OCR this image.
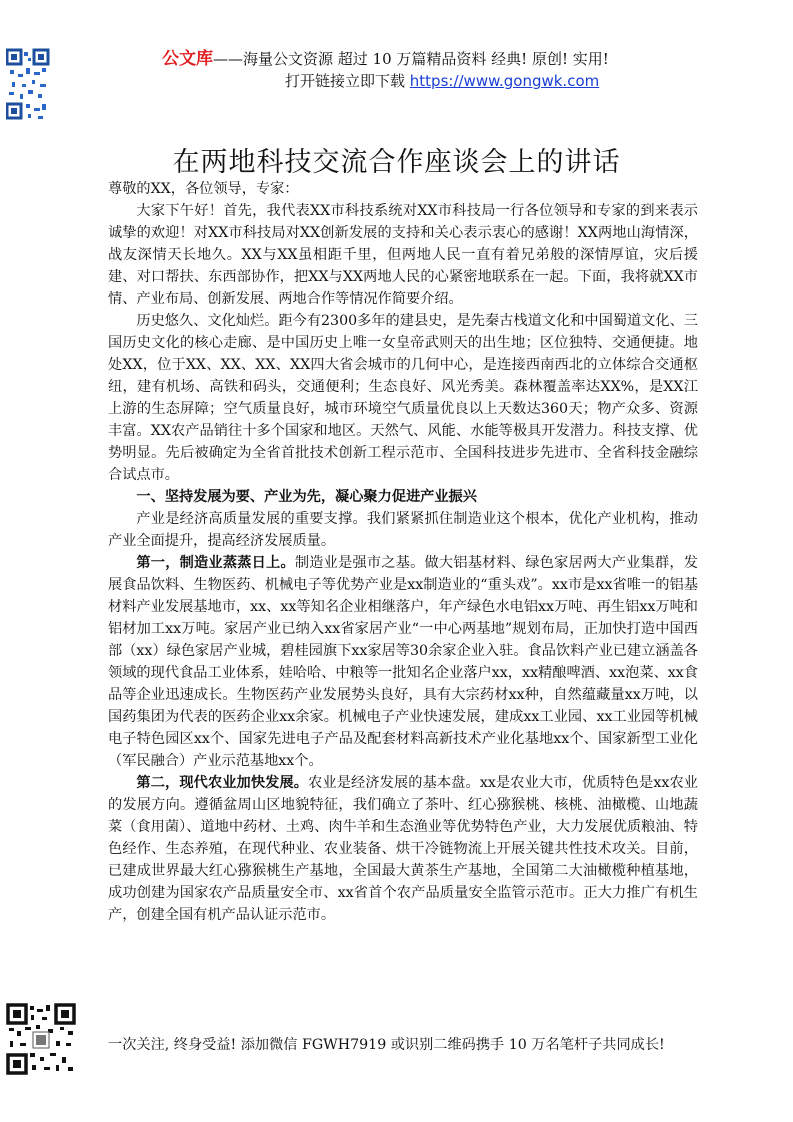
公文库——海量公文资源 超过 10 万篇精品资料 经典! 原创! 实用!
打开链接立即下载 https://www.gongwk.com
在两地科技交流合作座谈会上的讲话

尊敬的XX，各位领导，专家：

大家下午好！首先，我代表XX市科技系统对XX市科技局一行各位领导和专家的到来表示诚挚的欢迎！对XX市科技局对XX创新发展的支持和关心表示衷心的感谢！XX两地山海情深，战友深情天长地久。XX与XX虽相距千里，但两地人民一直有着兄弟般的深情厚谊，灾后援建、对口帮扶、东西部协作，把XX与XX两地人民的心紧密地联系在一起。下面，我将就XX市情、产业布局、创新发展、两地合作等情况作简要介绍。

历史悠久、文化灿烂。距今有2300多年的建县史，是先秦古栈道文化和中国蜀道文化、三国历史文化的核心走廊、是中国历史上唯一女皇帝武则天的出生地；区位独特、交通便捷。地处XX，位于XX、XX、XX、XX四大省会城市的几何中心，是连接西南西北的立体综合交通枢纽，建有机场、高铁和码头，交通便利；生态良好、风光秀美。森林覆盖率达XX%，是XX江上游的生态屏障；空气质量良好，城市环境空气质量优良以上天数达360天；物产众多、资源丰富。XX农产品销往十多个国家和地区。天然气、风能、水能等极具开发潜力。科技支撑、优势明显。先后被确定为全省首批技术创新工程示范市、全国科技进步先进市、全省科技金融综合试点市。

一、坚持发展为要、产业为先，凝心聚力促进产业振兴

产业是经济高质量发展的重要支撑。我们紧紧抓住制造业这个根本，优化产业机构，推动产业全面提升，提高经济发展质量。

第一，制造业蒸蒸日上。制造业是强市之基。做大铝基材料、绿色家居两大产业集群，发展食品饮料、生物医药、机械电子等优势产业是xx制造业的“重头戏”。xx市是xx省唯一的铝基材料产业发展基地市，xx、xx等知名企业相继落户，年产绿色水电铝xx万吨、再生铝xx万吨和铝材加工xx万吨。家居产业已纳入xx省家居产业“一中心两基地”规划布局，正加快打造中国西部（xx）绿色家居产业城，碧桂园旗下xx家居等30余家企业入驻。食品饮料产业已建立涵盖各领域的现代食品工业体系，娃哈哈、中粮等一批知名企业落户xx，xx精酿啤酒、xx泡菜、xx食品等企业迅速成长。生物医药产业发展势头良好，具有大宗药材xx种，自然蕴藏量xx万吨，以国药集团为代表的医药企业xx余家。机械电子产业快速发展，建成xx工业园、xx工业园等机械电子特色园区xx个、国家先进电子产品及配套材料高新技术产业化基地xx个、国家新型工业化（军民融合）产业示范基地xx个。

第二，现代农业加快发展。农业是经济发展的基本盘。xx是农业大市，优质特色是xx农业的发展方向。遵循盆周山区地貌特征，我们确立了茶叶、红心猕猴桃、核桃、油橄榄、山地蔬菜（食用菌）、道地中药材、土鸡、肉牛羊和生态渔业等优势特色产业，大力发展优质粮油、特色经作、生态养殖，在现代种业、农业装备、烘干冷链物流上开展关键共性技术攻关。目前，已建成世界最大红心猕猴桃生产基地，全国最大黄茶生产基地，全国第二大油橄榄种植基地，成功创建为国家农产品质量安全市、xx省首个农产品质量安全监管示范市。正大力推广有机生产，创建全国有机产品认证示范市。

一次关注, 终身受益! 添加微信 FGWH7919 或识别二维码携手 10 万名笔杆子共同成长!
